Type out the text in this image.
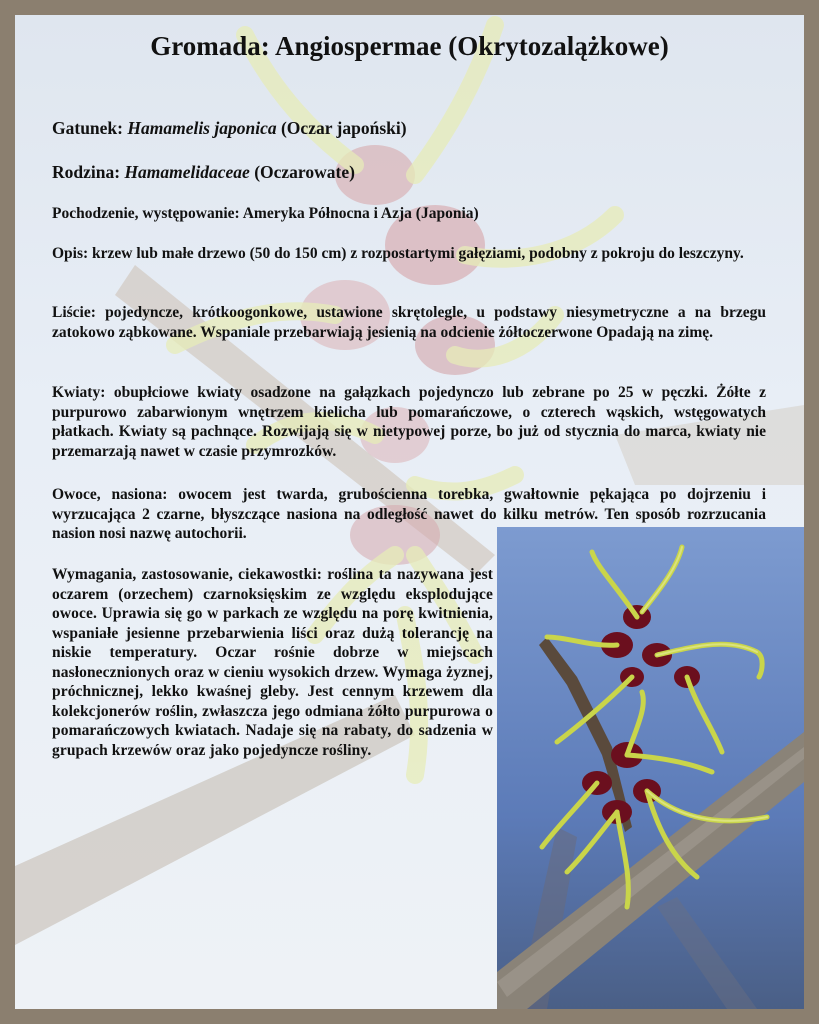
Gromada: Angiospermae (Okrytozalążkowe)

Gatunek: Hamamelis japonica (Oczar japoński)

Rodzina: Hamamelidaceae (Oczarowate)

Pochodzenie, występowanie: Ameryka Północna i Azja (Japonia)

Opis: krzew lub małe drzewo (50 do 150 cm) z rozpostartymi gałęziami, podobny z pokroju do leszczyny.

Liście: pojedyncze, krótkoogonkowe, ustawione skrętolegle, u podstawy niesymetryczne a na brzegu zatokowo ząbkowane. Wspaniale przebarwiają jesienią na odcienie żółtoczerwone Opadają na zimę.

Kwiaty: obupłciowe kwiaty osadzone na gałązkach pojedynczo lub zebrane po 25 w pęczki. Żółte z purpurowo zabarwionym wnętrzem kielicha lub pomarańczowe, o czterech wąskich, wstęgowatych płatkach. Kwiaty są pachnące. Rozwijają się w nietypowej porze, bo już od stycznia do marca, kwiaty nie przemarzają nawet w czasie przymrozków.

Owoce, nasiona: owocem jest twarda, grubościenna torebka, gwałtownie pękająca po dojrzeniu i wyrzucająca 2 czarne, błyszczące nasiona na odległość nawet do kilku metrów. Ten sposób rozrzucania nasion nosi nazwę autochorii.

Wymagania, zastosowanie, ciekawostki: roślina ta nazywana jest oczarem (orzechem) czarnoksięskim ze względu eksplodujące owoce. Uprawia się go w parkach ze względu na porę kwitnienia, wspaniałe jesienne przebarwienia liści oraz dużą tolerancję na niskie temperatury. Oczar rośnie dobrze w miejscach nasłonecznionych oraz w cieniu wysokich drzew. Wymaga żyznej, próchnicznej, lekko kwaśnej gleby. Jest cennym krzewem dla kolekcjonerów roślin, zwłaszcza jego odmiana żółto purpurowa o pomarańczowych kwiatach. Nadaje się na rabaty, do sadzenia w grupach krzewów oraz jako pojedyncze rośliny.
